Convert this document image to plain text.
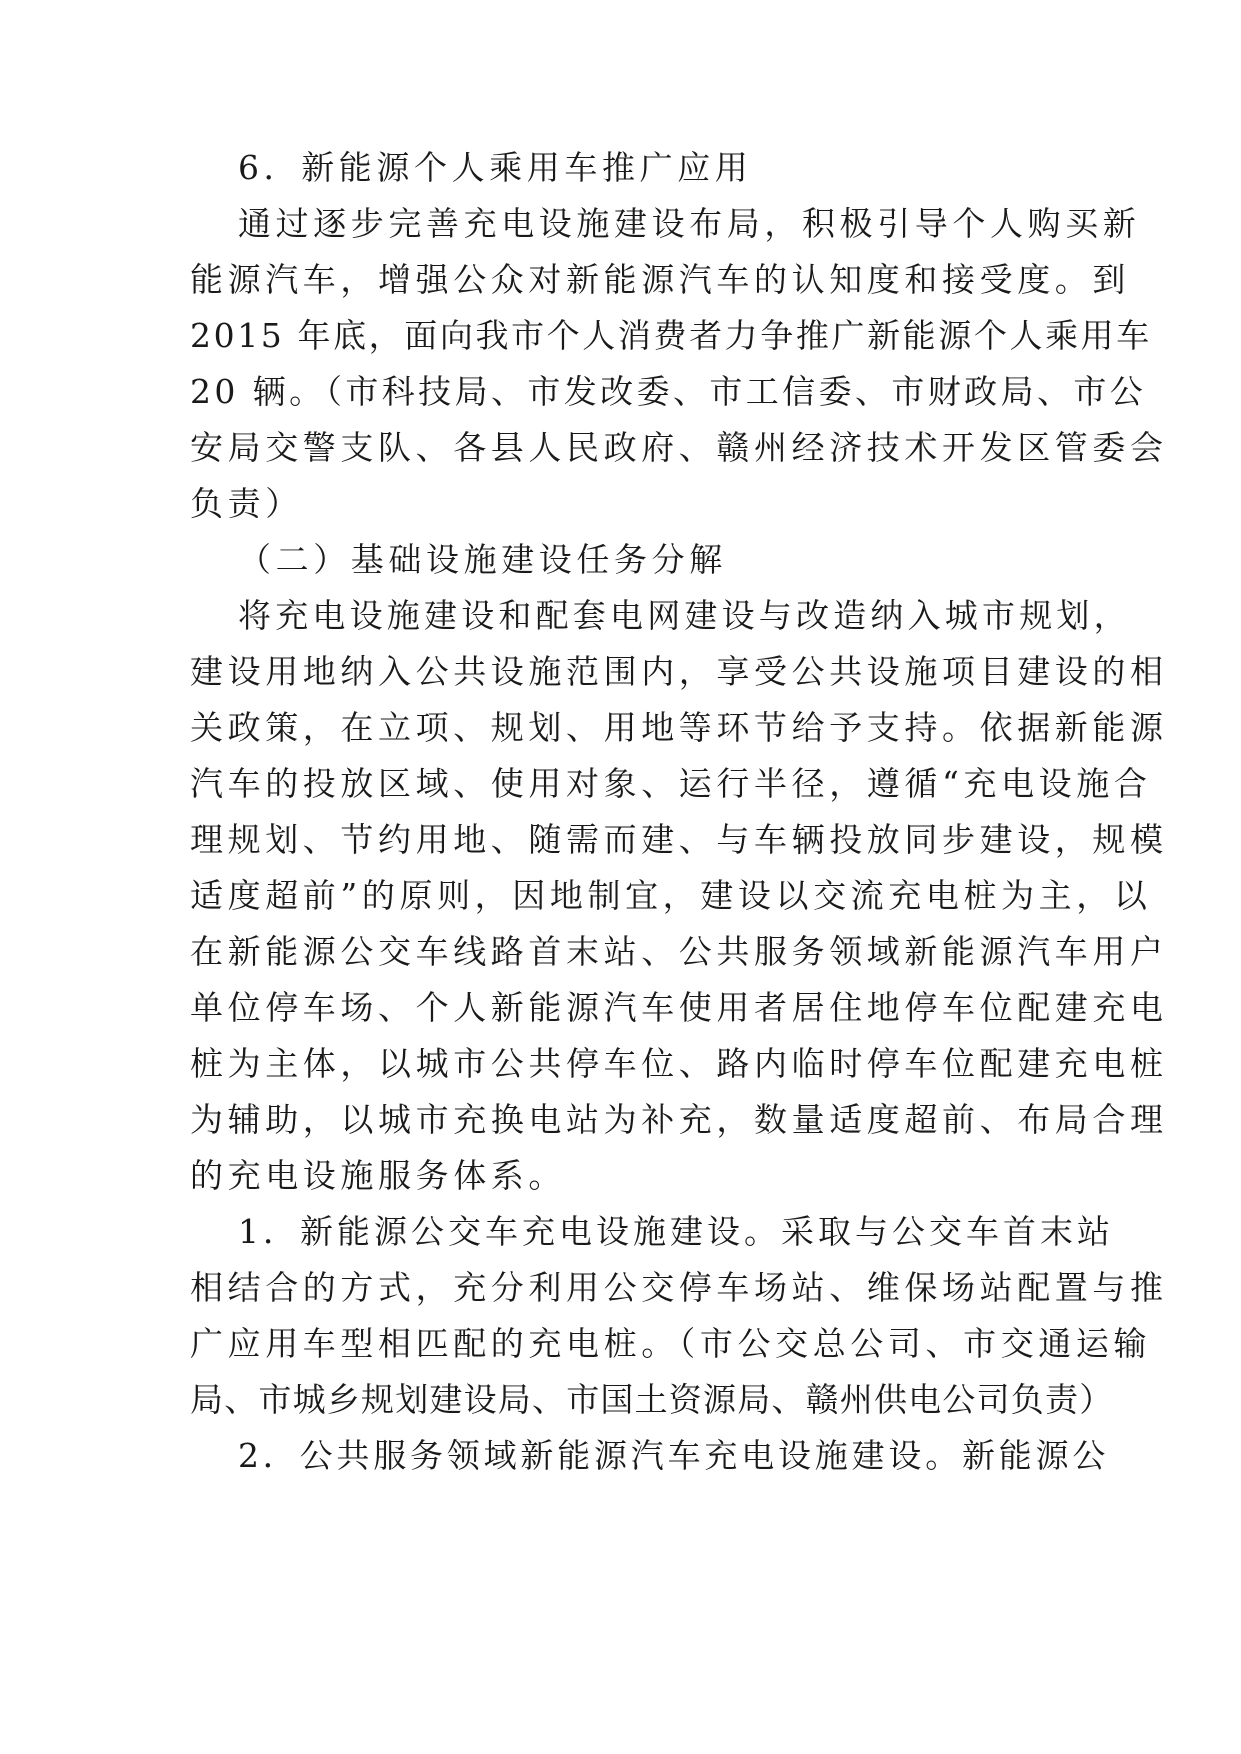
6．新能源个人乘用车推广应用
通过逐步完善充电设施建设布局，积极引导个人购买新
能源汽车，增强公众对新能源汽车的认知度和接受度。到
2015 年底，面向我市个人消费者力争推广新能源个人乘用车
20 辆。（市科技局、市发改委、市工信委、市财政局、市公
安局交警支队、各县人民政府、赣州经济技术开发区管委会
负责）
（二）基础设施建设任务分解
将充电设施建设和配套电网建设与改造纳入城市规划，
建设用地纳入公共设施范围内，享受公共设施项目建设的相
关政策，在立项、规划、用地等环节给予支持。依据新能源
汽车的投放区域、使用对象、运行半径，遵循“充电设施合
理规划、节约用地、随需而建、与车辆投放同步建设，规模
适度超前”的原则，因地制宜，建设以交流充电桩为主，以
在新能源公交车线路首末站、公共服务领域新能源汽车用户
单位停车场、个人新能源汽车使用者居住地停车位配建充电
桩为主体，以城市公共停车位、路内临时停车位配建充电桩
为辅助，以城市充换电站为补充，数量适度超前、布局合理
的充电设施服务体系。
1．新能源公交车充电设施建设。采取与公交车首末站
相结合的方式，充分利用公交停车场站、维保场站配置与推
广应用车型相匹配的充电桩。（市公交总公司、市交通运输
局、市城乡规划建设局、市国土资源局、赣州供电公司负责）
2．公共服务领域新能源汽车充电设施建设。新能源公
